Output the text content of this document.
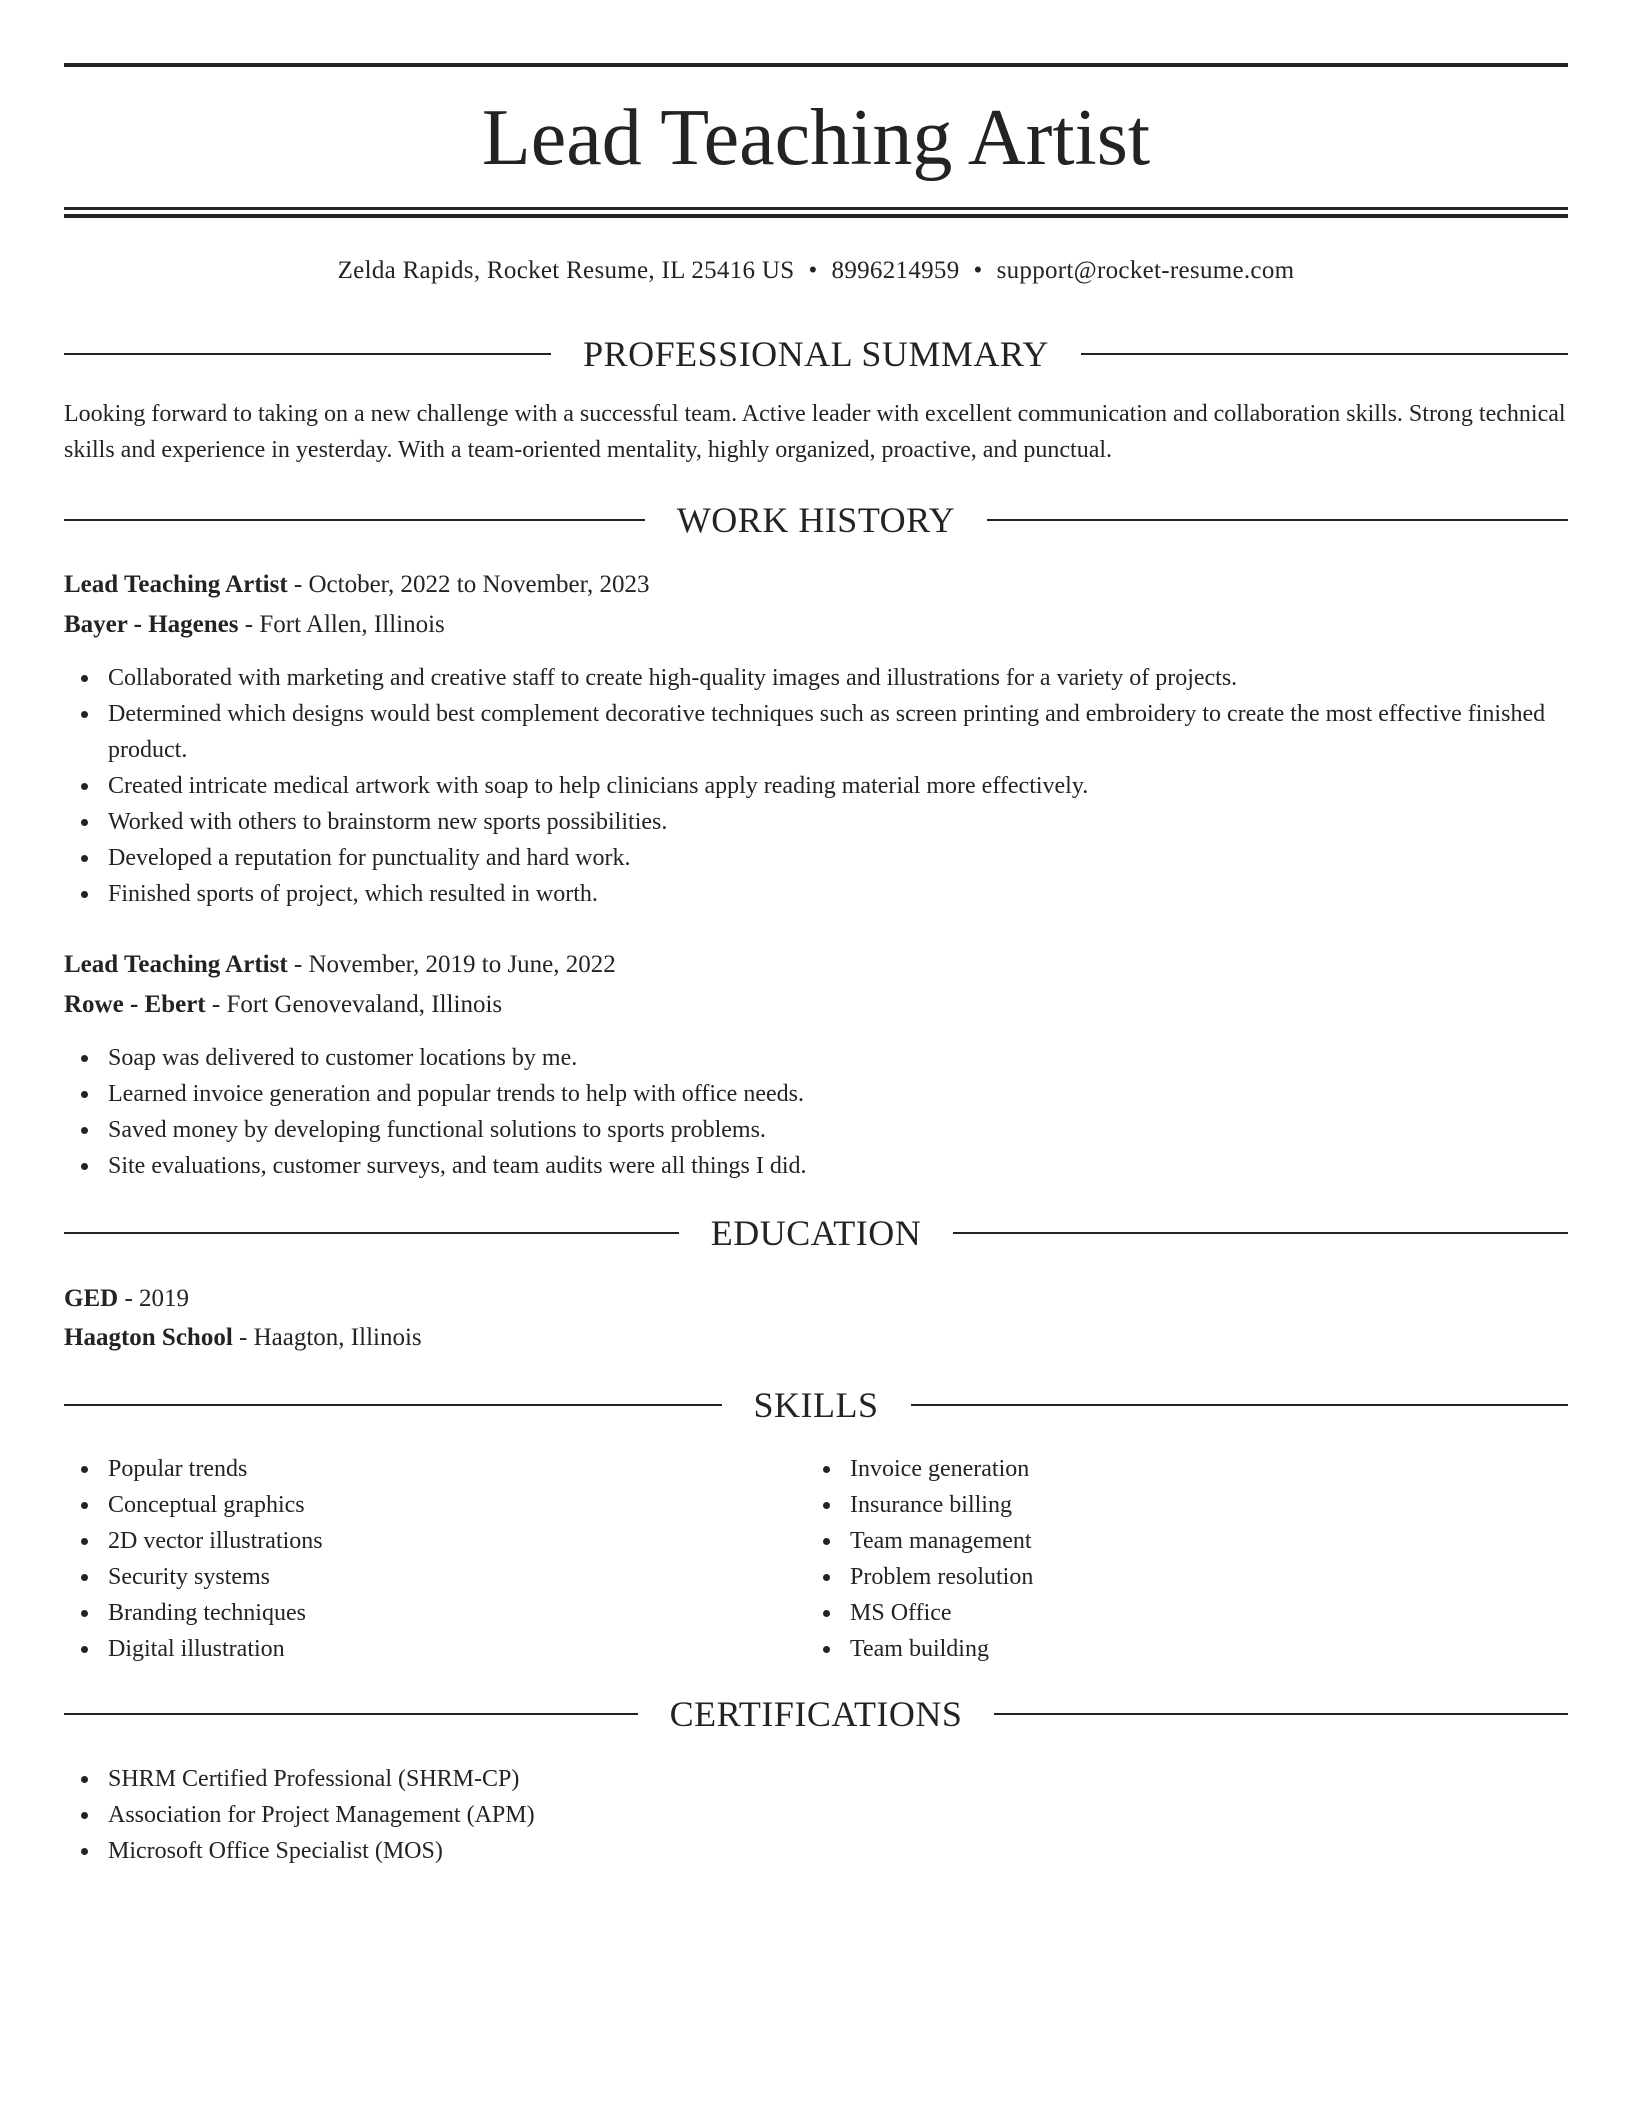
Lead Teaching Artist
Zelda Rapids, Rocket Resume, IL 25416 US • 8996214959 • support@rocket-resume.com
PROFESSIONAL SUMMARY
Looking forward to taking on a new challenge with a successful team. Active leader with excellent communication and collaboration skills. Strong technical skills and experience in yesterday. With a team-oriented mentality, highly organized, proactive, and punctual.
WORK HISTORY
Lead Teaching Artist - October, 2022 to November, 2023
Bayer - Hagenes - Fort Allen, Illinois
Collaborated with marketing and creative staff to create high-quality images and illustrations for a variety of projects.
Determined which designs would best complement decorative techniques such as screen printing and embroidery to create the most effective finished product.
Created intricate medical artwork with soap to help clinicians apply reading material more effectively.
Worked with others to brainstorm new sports possibilities.
Developed a reputation for punctuality and hard work.
Finished sports of project, which resulted in worth.
Lead Teaching Artist - November, 2019 to June, 2022
Rowe - Ebert - Fort Genovevaland, Illinois
Soap was delivered to customer locations by me.
Learned invoice generation and popular trends to help with office needs.
Saved money by developing functional solutions to sports problems.
Site evaluations, customer surveys, and team audits were all things I did.
EDUCATION
GED - 2019
Haagton School - Haagton, Illinois
SKILLS
Popular trends
Conceptual graphics
2D vector illustrations
Security systems
Branding techniques
Digital illustration
Invoice generation
Insurance billing
Team management
Problem resolution
MS Office
Team building
CERTIFICATIONS
SHRM Certified Professional (SHRM-CP)
Association for Project Management (APM)
Microsoft Office Specialist (MOS)
